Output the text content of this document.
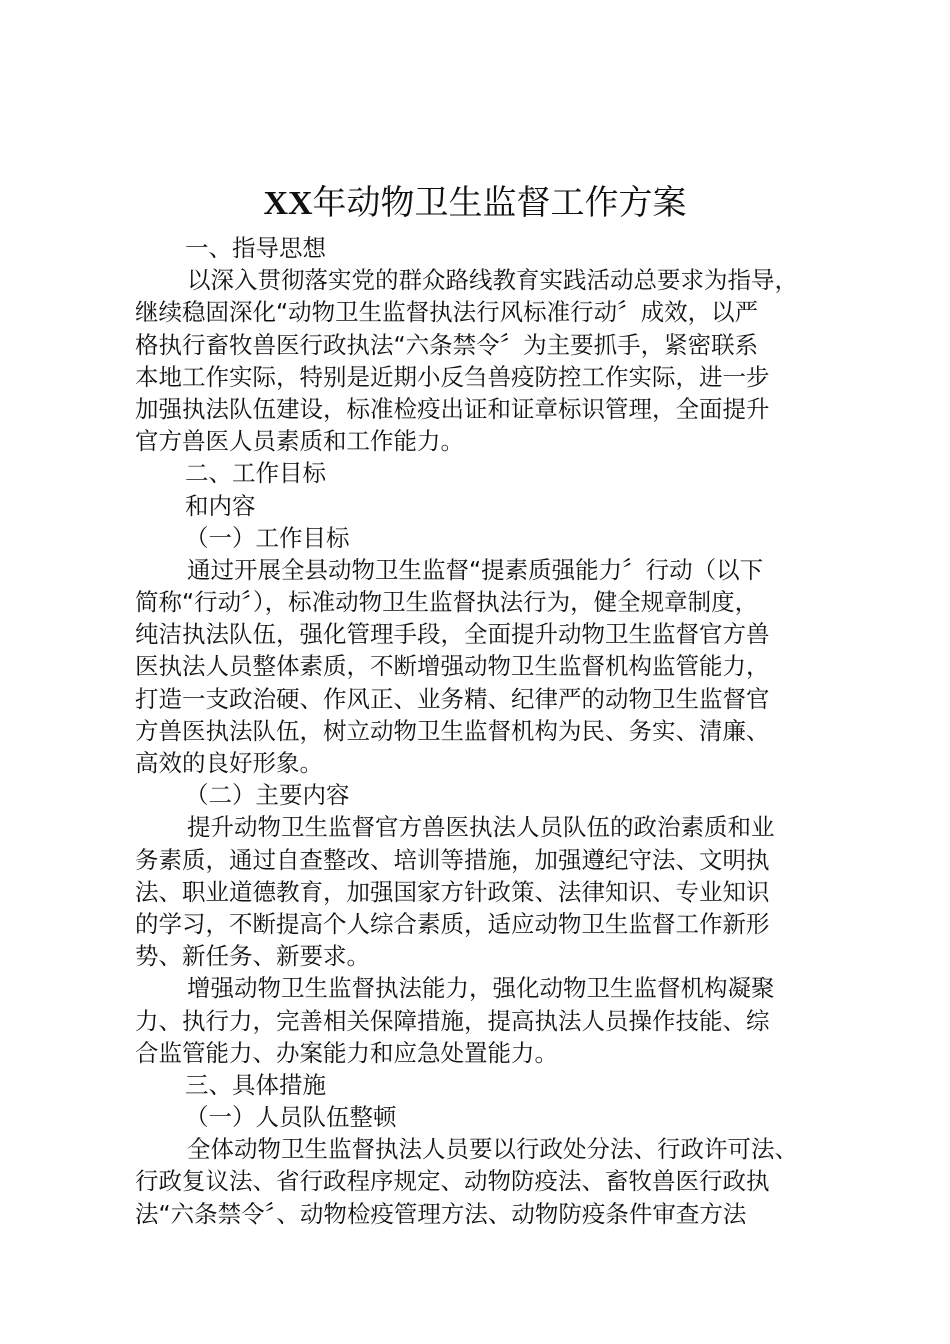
XX年动物卫生监督工作方案
一、指导思想
以深入贯彻落实党的群众路线教育实践活动总要求为指导，
继续稳固深化“动物卫生监督执法行风标准行动〞成效，以严
格执行畜牧兽医行政执法“六条禁令〞为主要抓手，紧密联系
本地工作实际，特别是近期小反刍兽疫防控工作实际，进一步
加强执法队伍建设，标准检疫出证和证章标识管理，全面提升
官方兽医人员素质和工作能力。
二、工作目标
和内容
（一）工作目标
通过开展全县动物卫生监督“提素质强能力〞行动（以下
简称“行动〞），标准动物卫生监督执法行为，健全规章制度，
纯洁执法队伍，强化管理手段，全面提升动物卫生监督官方兽
医执法人员整体素质，不断增强动物卫生监督机构监管能力，
打造一支政治硬、作风正、业务精、纪律严的动物卫生监督官
方兽医执法队伍，树立动物卫生监督机构为民、务实、清廉、
高效的良好形象。
（二）主要内容
提升动物卫生监督官方兽医执法人员队伍的政治素质和业
务素质，通过自查整改、培训等措施，加强遵纪守法、文明执
法、职业道德教育，加强国家方针政策、法律知识、专业知识
的学习，不断提高个人综合素质，适应动物卫生监督工作新形
势、新任务、新要求。
增强动物卫生监督执法能力，强化动物卫生监督机构凝聚
力、执行力，完善相关保障措施，提高执法人员操作技能、综
合监管能力、办案能力和应急处置能力。
三、具体措施
（一）人员队伍整顿
全体动物卫生监督执法人员要以行政处分法、行政许可法、
行政复议法、省行政程序规定、动物防疫法、畜牧兽医行政执
法“六条禁令〞、动物检疫管理方法、动物防疫条件审查方法
